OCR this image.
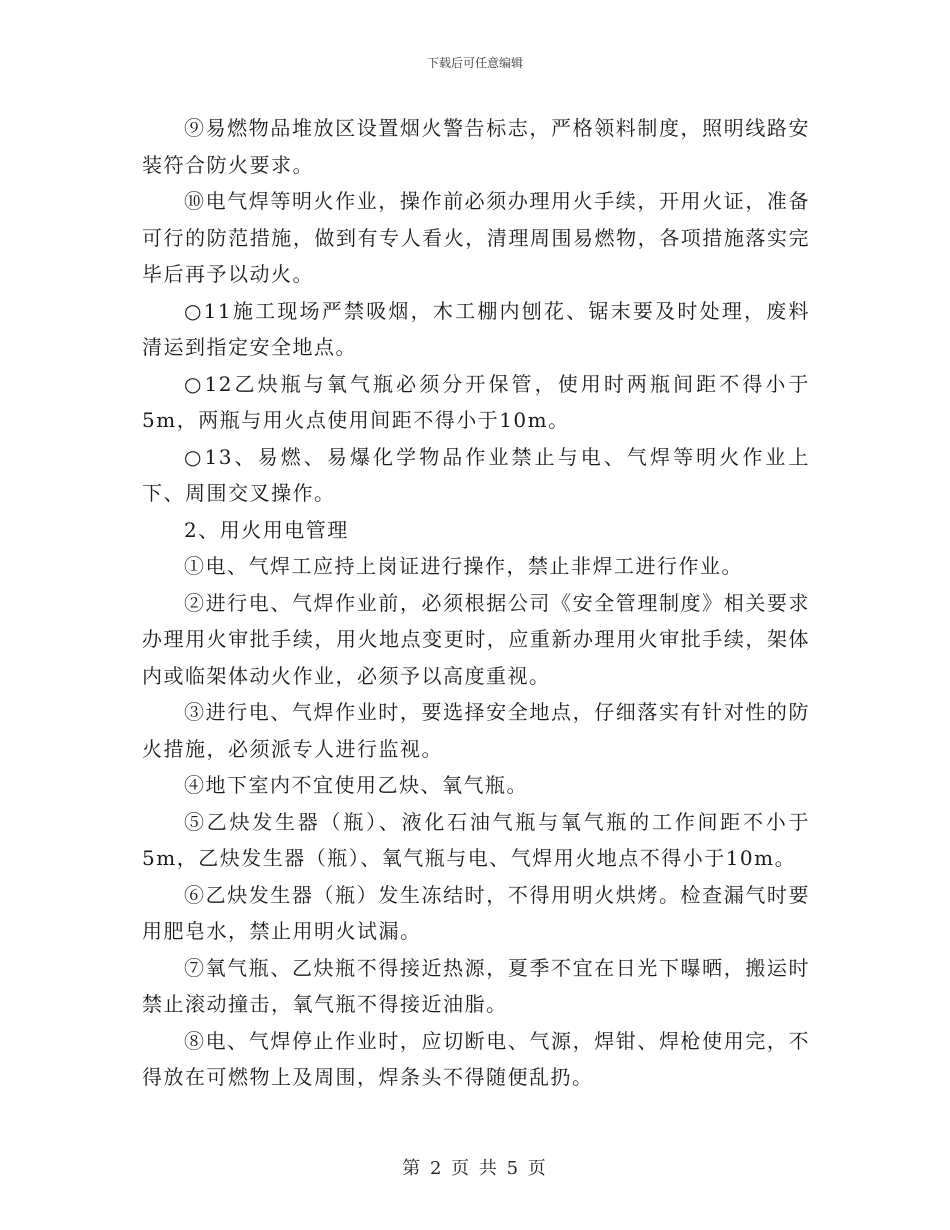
下载后可任意编辑

⑨易燃物品堆放区设置烟火警告标志，严格领料制度，照明线路安装符合防火要求。

⑩电气焊等明火作业，操作前必须办理用火手续，开用火证，准备可行的防范措施，做到有专人看火，清理周围易燃物，各项措施落实完毕后再予以动火。

○11施工现场严禁吸烟，木工棚内刨花、锯末要及时处理，废料清运到指定安全地点。

○12乙炔瓶与氧气瓶必须分开保管，使用时两瓶间距不得小于5m，两瓶与用火点使用间距不得小于10m。

○13、易燃、易爆化学物品作业禁止与电、气焊等明火作业上下、周围交叉操作。

2、用火用电管理

①电、气焊工应持上岗证进行操作，禁止非焊工进行作业。

②进行电、气焊作业前，必须根据公司《安全管理制度》相关要求办理用火审批手续，用火地点变更时，应重新办理用火审批手续，架体内或临架体动火作业，必须予以高度重视。

③进行电、气焊作业时，要选择安全地点，仔细落实有针对性的防火措施，必须派专人进行监视。

④地下室内不宜使用乙炔、氧气瓶。

⑤乙炔发生器（瓶）、液化石油气瓶与氧气瓶的工作间距不小于5m，乙炔发生器（瓶）、氧气瓶与电、气焊用火地点不得小于10m。

⑥乙炔发生器（瓶）发生冻结时，不得用明火烘烤。检查漏气时要用肥皂水，禁止用明火试漏。

⑦氧气瓶、乙炔瓶不得接近热源，夏季不宜在日光下曝晒，搬运时禁止滚动撞击，氧气瓶不得接近油脂。

⑧电、气焊停止作业时，应切断电、气源，焊钳、焊枪使用完，不得放在可燃物上及周围，焊条头不得随便乱扔。

第 2 页 共 5 页
